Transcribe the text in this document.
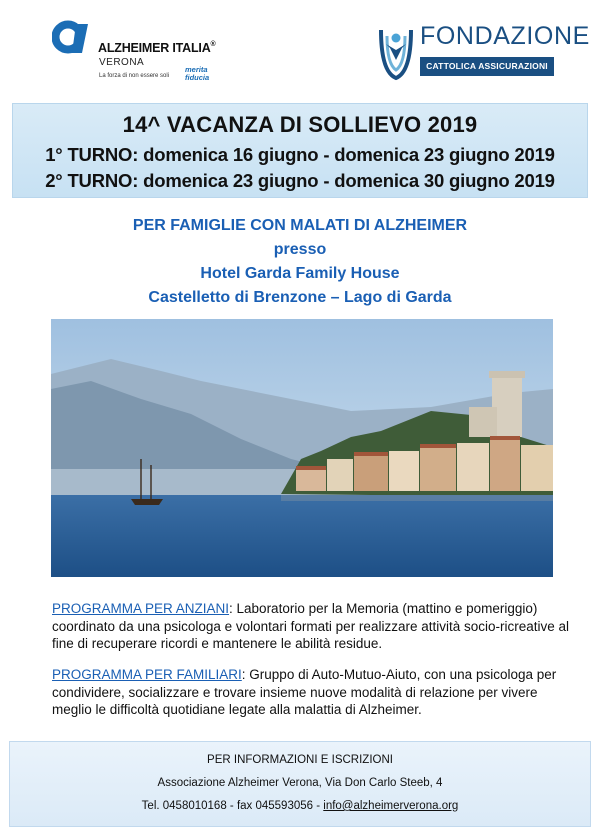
ALZHEIMER ITALIA®
VERONA
La forza di non essere soli
merita
fiducia
FONDAZIONE
CATTOLICA ASSICURAZIONI
14^ VACANZA DI SOLLIEVO 2019
1° TURNO: domenica 16 giugno - domenica 23 giugno 2019
2° TURNO: domenica 23 giugno - domenica 30 giugno 2019
PER FAMIGLIE CON MALATI DI ALZHEIMER
presso
Hotel Garda Family House
Castelletto di Brenzone – Lago di Garda
PROGRAMMA PER ANZIANI: Laboratorio per la Memoria (mattino e pomeriggio) coordinato da una psicologa e volontari formati per realizzare attività socio-ricreative al fine di recuperare ricordi e mantenere le abilità residue.
PROGRAMMA PER FAMILIARI: Gruppo di Auto-Mutuo-Aiuto, con una psicologa per condividere, socializzare e trovare insieme nuove modalità di relazione per vivere meglio le difficoltà quotidiane legate alla malattia di Alzheimer.
PER INFORMAZIONI E ISCRIZIONI
Associazione Alzheimer Verona, Via Don Carlo Steeb, 4
Tel. 0458010168 - fax 045593056 - info@alzheimerverona.org
